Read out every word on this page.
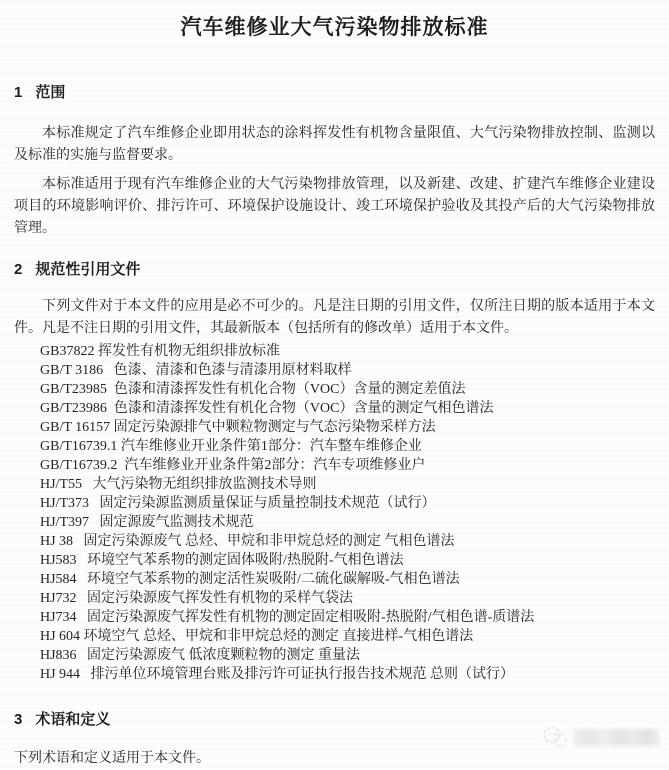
汽车维修业大气污染物排放标准
1 范围

本标准规定了汽车维修企业即用状态的涂料挥发性有机物含量限值、大气污染物排放控制、监测以及标准的实施与监督要求。

本标准适用于现有汽车维修企业的大气污染物排放管理，以及新建、改建、扩建汽车维修企业建设项目的环境影响评价、排污许可、环境保护设施设计、竣工环境保护验收及其投产后的大气污染物排放管理。

2 规范性引用文件

下列文件对于本文件的应用是必不可少的。凡是注日期的引用文件，仅所注日期的版本适用于本文件。凡是不注日期的引用文件，其最新版本（包括所有的修改单）适用于本文件。

GB37822 挥发性有机物无组织排放标准
GB/T 3186   色漆、清漆和色漆与清漆用原材料取样
GB/T23985  色漆和清漆挥发性有机化合物（VOC）含量的测定差值法
GB/T23986  色漆和清漆挥发性有机化合物（VOC）含量的测定气相色谱法
GB/T 16157 固定污染源排气中颗粒物测定与气态污染物采样方法
GB/T16739.1 汽车维修业开业条件第1部分：汽车整车维修企业
GB/T16739.2  汽车维修业开业条件第2部分：汽车专项维修业户
HJ/T55   大气污染物无组织排放监测技术导则
HJ/T373   固定污染源监测质量保证与质量控制技术规范（试行）
HJ/T397   固定源废气监测技术规范
HJ 38   固定污染源废气 总烃、甲烷和非甲烷总烃的测定 气相色谱法
HJ583   环境空气苯系物的测定固体吸附/热脱附-气相色谱法
HJ584   环境空气苯系物的测定活性炭吸附/二硫化碳解吸-气相色谱法
HJ732   固定污染源废气挥发性有机物的采样气袋法
HJ734   固定污染源废气挥发性有机物的测定固定相吸附-热脱附/气相色谱-质谱法
HJ 604 环境空气 总烃、甲烷和非甲烷总烃的测定 直接进样-气相色谱法
HJ836   固定污染源废气 低浓度颗粒物的测定 重量法
HJ 944   排污单位环境管理台账及排污许可证执行报告技术规范 总则（试行）
3 术语和定义

下列术语和定义适用于本文件。
